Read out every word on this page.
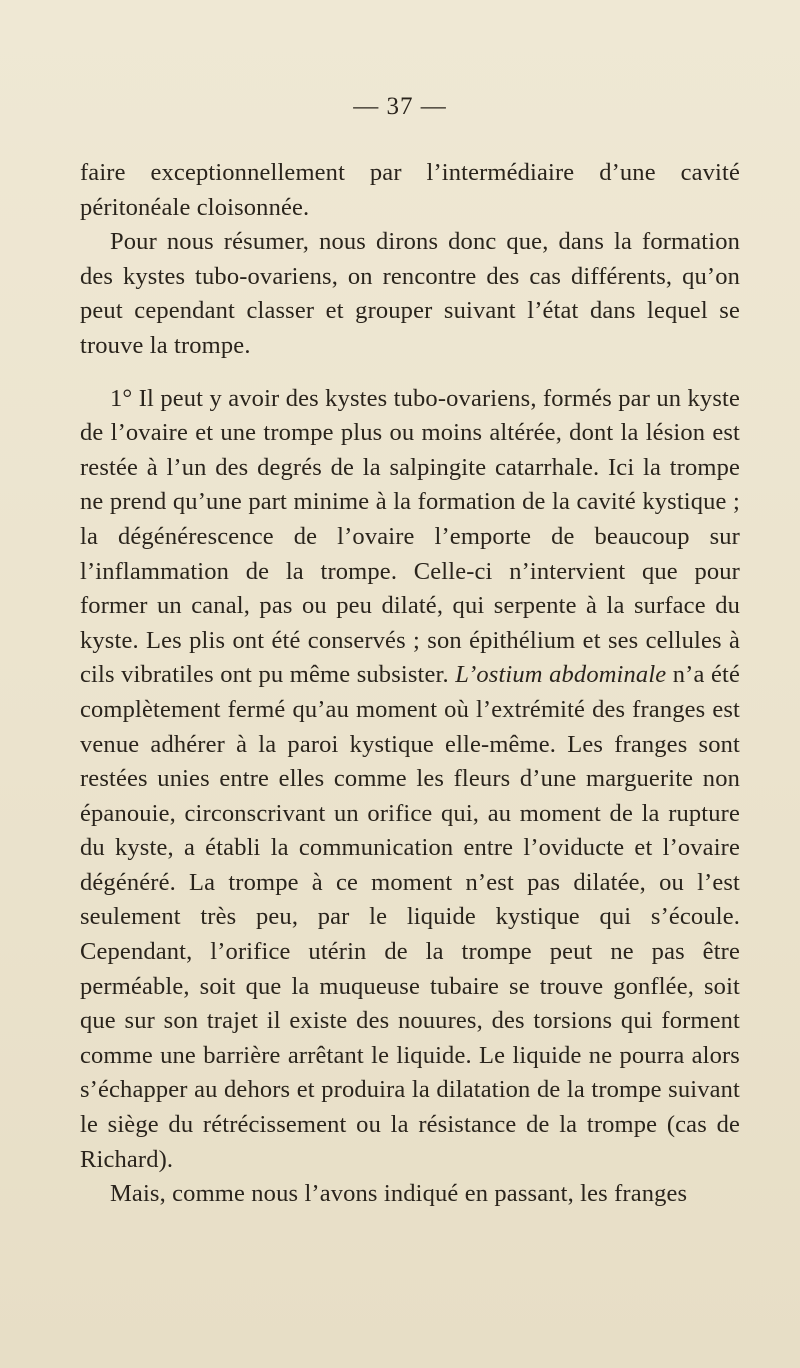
— 37 —

faire exceptionnellement par l’intermédiaire d’une cavité péritonéale cloisonnée.

Pour nous résumer, nous dirons donc que, dans la formation des kystes tubo-ovariens, on rencontre des cas différents, qu’on peut cependant classer et grouper suivant l’état dans lequel se trouve la trompe.

1° Il peut y avoir des kystes tubo-ovariens, formés par un kyste de l’ovaire et une trompe plus ou moins altérée, dont la lésion est restée à l’un des degrés de la salpingite catarrhale. Ici la trompe ne prend qu’une part minime à la formation de la cavité kystique ; la dégénérescence de l’ovaire l’emporte de beaucoup sur l’inflammation de la trompe. Celle-ci n’intervient que pour former un canal, pas ou peu dilaté, qui serpente à la surface du kyste. Les plis ont été conservés ; son épithélium et ses cellules à cils vibratiles ont pu même subsister. L’ostium abdominale n’a été complètement fermé qu’au moment où l’extrémité des franges est venue adhérer à la paroi kystique elle-même. Les franges sont restées unies entre elles comme les fleurs d’une marguerite non épanouie, circonscrivant un orifice qui, au moment de la rupture du kyste, a établi la communication entre l’oviducte et l’ovaire dégénéré. La trompe à ce moment n’est pas dilatée, ou l’est seulement très peu, par le liquide kystique qui s’écoule. Cependant, l’orifice utérin de la trompe peut ne pas être perméable, soit que la muqueuse tubaire se trouve gonflée, soit que sur son trajet il existe des nouures, des torsions qui forment comme une barrière arrêtant le liquide. Le liquide ne pourra alors s’échapper au dehors et produira la dilatation de la trompe suivant le siège du rétrécissement ou la résistance de la trompe (cas de Richard).

Mais, comme nous l’avons indiqué en passant, les franges
